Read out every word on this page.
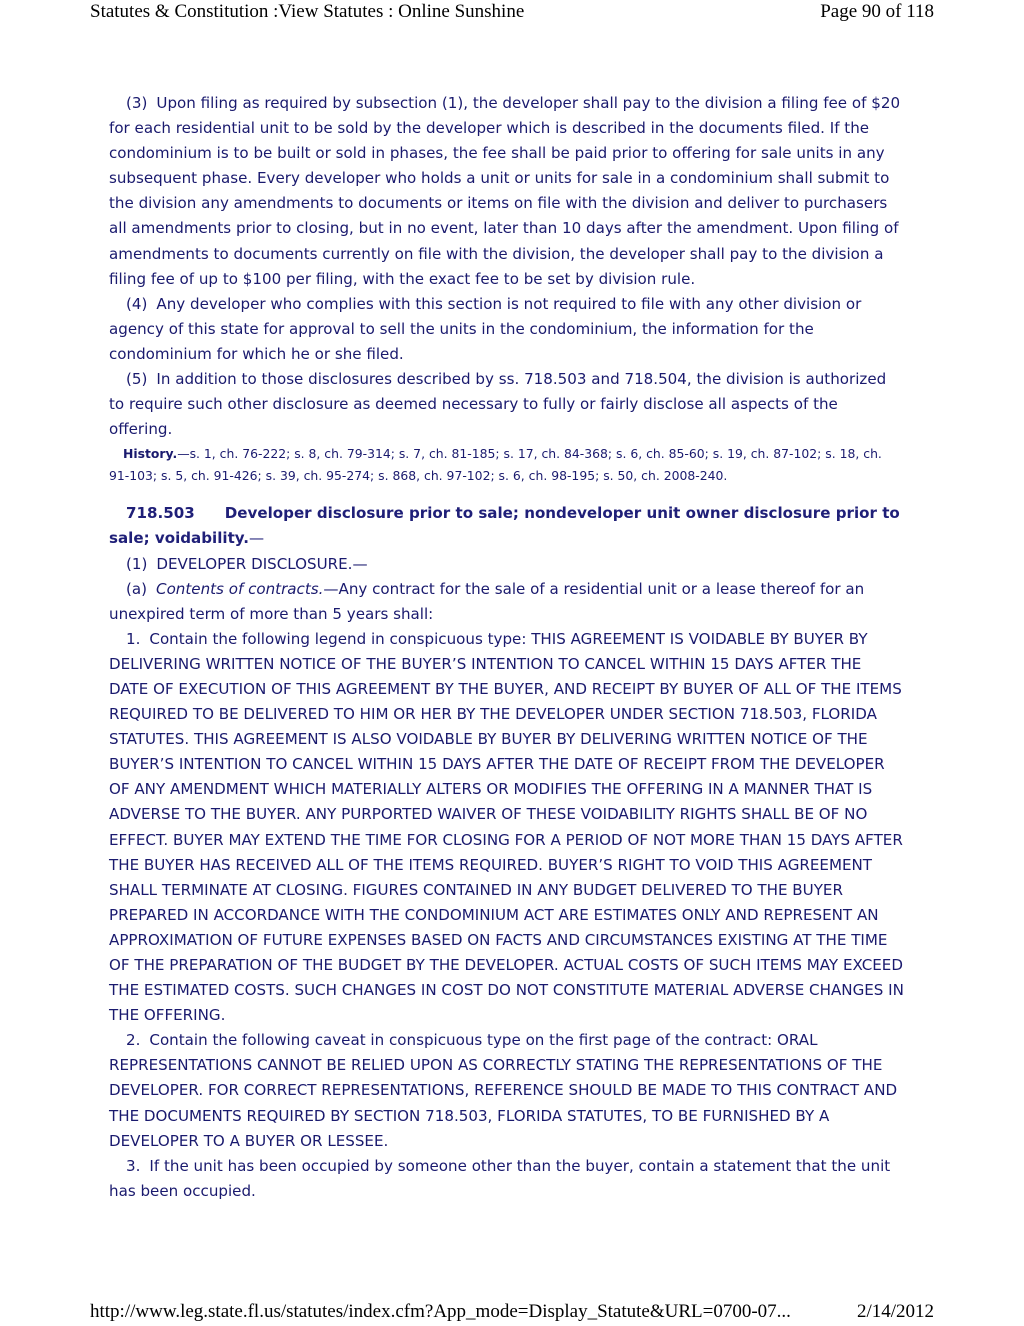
Statutes & Constitution :View Statutes : Online Sunshine	Page 90 of 118

(3) Upon filing as required by subsection (1), the developer shall pay to the division a filing fee of $20 for each residential unit to be sold by the developer which is described in the documents filed. If the condominium is to be built or sold in phases, the fee shall be paid prior to offering for sale units in any subsequent phase. Every developer who holds a unit or units for sale in a condominium shall submit to the division any amendments to documents or items on file with the division and deliver to purchasers all amendments prior to closing, but in no event, later than 10 days after the amendment. Upon filing of amendments to documents currently on file with the division, the developer shall pay to the division a filing fee of up to $100 per filing, with the exact fee to be set by division rule.

(4) Any developer who complies with this section is not required to file with any other division or agency of this state for approval to sell the units in the condominium, the information for the condominium for which he or she filed.

(5) In addition to those disclosures described by ss. 718.503 and 718.504, the division is authorized to require such other disclosure as deemed necessary to fully or fairly disclose all aspects of the offering.

History.—s. 1, ch. 76-222; s. 8, ch. 79-314; s. 7, ch. 81-185; s. 17, ch. 84-368; s. 6, ch. 85-60; s. 19, ch. 87-102; s. 18, ch. 91-103; s. 5, ch. 91-426; s. 39, ch. 95-274; s. 868, ch. 97-102; s. 6, ch. 98-195; s. 50, ch. 2008-240.

718.503 Developer disclosure prior to sale; nondeveloper unit owner disclosure prior to sale; voidability.—

(1) DEVELOPER DISCLOSURE.—

(a) Contents of contracts.—Any contract for the sale of a residential unit or a lease thereof for an unexpired term of more than 5 years shall:

1. Contain the following legend in conspicuous type: THIS AGREEMENT IS VOIDABLE BY BUYER BY DELIVERING WRITTEN NOTICE OF THE BUYER’S INTENTION TO CANCEL WITHIN 15 DAYS AFTER THE DATE OF EXECUTION OF THIS AGREEMENT BY THE BUYER, AND RECEIPT BY BUYER OF ALL OF THE ITEMS REQUIRED TO BE DELIVERED TO HIM OR HER BY THE DEVELOPER UNDER SECTION 718.503, FLORIDA STATUTES. THIS AGREEMENT IS ALSO VOIDABLE BY BUYER BY DELIVERING WRITTEN NOTICE OF THE BUYER’S INTENTION TO CANCEL WITHIN 15 DAYS AFTER THE DATE OF RECEIPT FROM THE DEVELOPER OF ANY AMENDMENT WHICH MATERIALLY ALTERS OR MODIFIES THE OFFERING IN A MANNER THAT IS ADVERSE TO THE BUYER. ANY PURPORTED WAIVER OF THESE VOIDABILITY RIGHTS SHALL BE OF NO EFFECT. BUYER MAY EXTEND THE TIME FOR CLOSING FOR A PERIOD OF NOT MORE THAN 15 DAYS AFTER THE BUYER HAS RECEIVED ALL OF THE ITEMS REQUIRED. BUYER’S RIGHT TO VOID THIS AGREEMENT SHALL TERMINATE AT CLOSING. FIGURES CONTAINED IN ANY BUDGET DELIVERED TO THE BUYER PREPARED IN ACCORDANCE WITH THE CONDOMINIUM ACT ARE ESTIMATES ONLY AND REPRESENT AN APPROXIMATION OF FUTURE EXPENSES BASED ON FACTS AND CIRCUMSTANCES EXISTING AT THE TIME OF THE PREPARATION OF THE BUDGET BY THE DEVELOPER. ACTUAL COSTS OF SUCH ITEMS MAY EXCEED THE ESTIMATED COSTS. SUCH CHANGES IN COST DO NOT CONSTITUTE MATERIAL ADVERSE CHANGES IN THE OFFERING.

2. Contain the following caveat in conspicuous type on the first page of the contract: ORAL REPRESENTATIONS CANNOT BE RELIED UPON AS CORRECTLY STATING THE REPRESENTATIONS OF THE DEVELOPER. FOR CORRECT REPRESENTATIONS, REFERENCE SHOULD BE MADE TO THIS CONTRACT AND THE DOCUMENTS REQUIRED BY SECTION 718.503, FLORIDA STATUTES, TO BE FURNISHED BY A DEVELOPER TO A BUYER OR LESSEE.

3. If the unit has been occupied by someone other than the buyer, contain a statement that the unit has been occupied.

http://www.leg.state.fl.us/statutes/index.cfm?App_mode=Display_Statute&URL=0700-07...	2/14/2012
